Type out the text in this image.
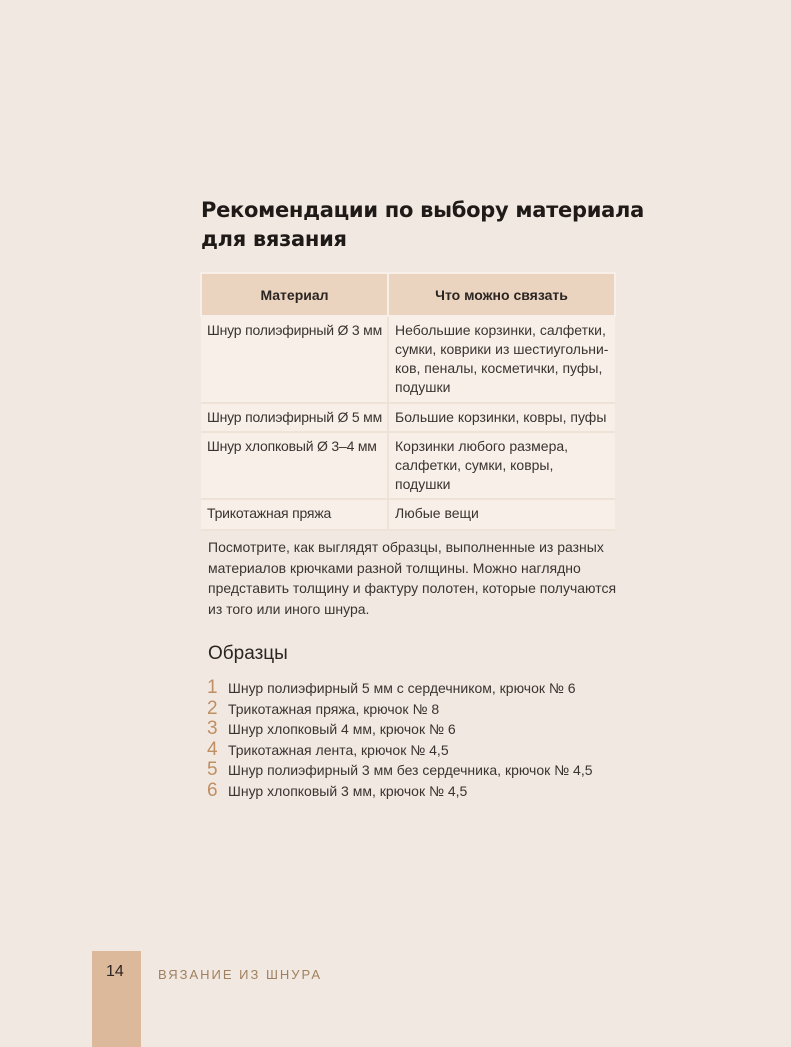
Рекомендации по выбору материала
для вязания
Материал	Что можно связать
Шнур полиэфирный Ø 3 мм	Небольшие корзинки, салфетки,
сумки, коврики из шестиугольни-
ков, пеналы, косметички, пуфы,
подушки

Шнур полиэфирный Ø 5 мм	Большие корзинки, ковры, пуфы

Шнур хлопковый Ø 3–4 мм	Корзинки любого размера,
салфетки, сумки, ковры, подушки

Трикотажная пряжа	Любые вещи

Посмотрите, как выглядят образцы, выполненные из разных
материалов крючками разной толщины. Можно наглядно
представить толщину и фактуру полотен, которые получаются
из того или иного шнура.

Образцы
1 Шнур полиэфирный 5 мм с сердечником, крючок № 6
2 Трикотажная пряжа, крючок № 8
3 Шнур хлопковый 4 мм, крючок № 6
4 Трикотажная лента, крючок № 4,5
5 Шнур полиэфирный 3 мм без сердечника, крючок № 4,5
6 Шнур хлопковый 3 мм, крючок № 4,5
14	ВЯЗАНИЕ ИЗ ШНУРА
